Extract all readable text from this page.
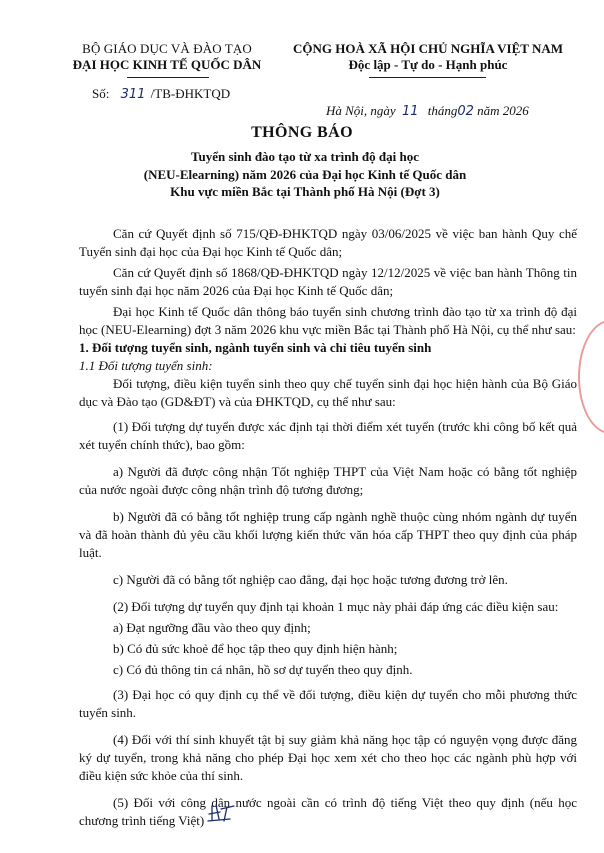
BỘ GIÁO DỤC VÀ ĐÀO TẠO
ĐẠI HỌC KINH TẾ QUỐC DÂN
CỘNG HOÀ XÃ HỘI CHỦ NGHĨA VIỆT NAM
Độc lập - Tự do - Hạnh phúc
Số: 311 /TB-ĐHKTQD
Hà Nội, ngày 11 tháng02 năm 2026
THÔNG BÁO
Tuyển sinh đào tạo từ xa trình độ đại học
(NEU-Elearning) năm 2026 của Đại học Kinh tế Quốc dân
Khu vực miền Bắc tại Thành phố Hà Nội (Đợt 3)

Căn cứ Quyết định số 715/QĐ-ĐHKTQD ngày 03/06/2025 về việc ban hành Quy chế Tuyển sinh đại học của Đại học Kinh tế Quốc dân;

Căn cứ Quyết định số 1868/QĐ-ĐHKTQD ngày 12/12/2025 về việc ban hành Thông tin tuyển sinh đại học năm 2026 của Đại học Kinh tế Quốc dân;

Đại học Kinh tế Quốc dân thông báo tuyển sinh chương trình đào tạo từ xa trình độ đại học (NEU-Elearning) đợt 3 năm 2026 khu vực miền Bắc tại Thành phố Hà Nội, cụ thể như sau:

1. Đối tượng tuyển sinh, ngành tuyển sinh và chỉ tiêu tuyển sinh

1.1 Đối tượng tuyển sinh:

Đối tượng, điều kiện tuyển sinh theo quy chế tuyển sinh đại học hiện hành của Bộ Giáo dục và Đào tạo (GD&ĐT) và của ĐHKTQD, cụ thể như sau:

(1) Đối tượng dự tuyển được xác định tại thời điểm xét tuyển (trước khi công bố kết quả xét tuyển chính thức), bao gồm:

a) Người đã được công nhận Tốt nghiệp THPT của Việt Nam hoặc có bằng tốt nghiệp của nước ngoài được công nhận trình độ tương đương;

b) Người đã có bằng tốt nghiệp trung cấp ngành nghề thuộc cùng nhóm ngành dự tuyển và đã hoàn thành đủ yêu cầu khối lượng kiến thức văn hóa cấp THPT theo quy định của pháp luật.

c) Người đã có bằng tốt nghiệp cao đẳng, đại học hoặc tương đương trở lên.

(2) Đối tượng dự tuyển quy định tại khoản 1 mục này phải đáp ứng các điều kiện sau:

a) Đạt ngưỡng đầu vào theo quy định;

b) Có đủ sức khoẻ để học tập theo quy định hiện hành;

c) Có đủ thông tin cá nhân, hồ sơ dự tuyển theo quy định.

(3) Đại học có quy định cụ thể về đối tượng, điều kiện dự tuyển cho mỗi phương thức tuyển sinh.

(4) Đối với thí sinh khuyết tật bị suy giảm khả năng học tập có nguyện vọng được đăng ký dự tuyển, trong khả năng cho phép Đại học xem xét cho theo học các ngành phù hợp với điều kiện sức khỏe của thí sinh.

(5) Đối với công dân nước ngoài cần có trình độ tiếng Việt theo quy định (nếu học chương trình tiếng Việt)
